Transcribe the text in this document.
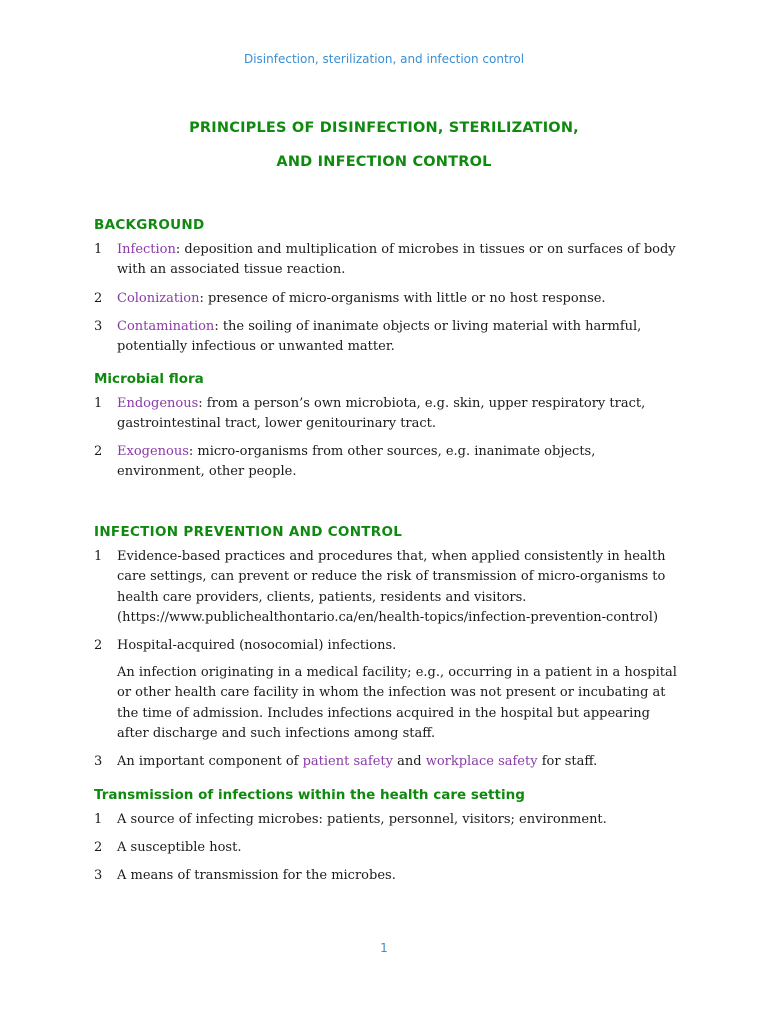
Disinfection, sterilization, and infection control
PRINCIPLES OF DISINFECTION, STERILIZATION,
AND INFECTION CONTROL
BACKGROUND
1	Infection: deposition and multiplication of microbes in tissues or on surfaces of body with an associated tissue reaction.
2	Colonization: presence of micro-organisms with little or no host response.
3	Contamination: the soiling of inanimate objects or living material with harmful, potentially infectious or unwanted matter.
Microbial flora
1	Endogenous: from a person’s own microbiota, e.g. skin, upper respiratory tract, gastrointestinal tract, lower genitourinary tract.
2	Exogenous: micro-organisms from other sources, e.g. inanimate objects, environment, other people.
INFECTION PREVENTION AND CONTROL
1	Evidence-based practices and procedures that, when applied consistently in health care settings, can prevent or reduce the risk of transmission of micro-organisms to health care providers, clients, patients, residents and visitors.
(https://www.publichealthontario.ca/en/health-topics/infection-prevention-control)
2	Hospital-acquired (nosocomial) infections.
An infection originating in a medical facility; e.g., occurring in a patient in a hospital or other health care facility in whom the infection was not present or incubating at the time of admission. Includes infections acquired in the hospital but appearing after discharge and such infections among staff.
3	An important component of patient safety and workplace safety for staff.
Transmission of infections within the health care setting
1	A source of infecting microbes: patients, personnel, visitors; environment.
2	A susceptible host.
3	A means of transmission for the microbes.
1
